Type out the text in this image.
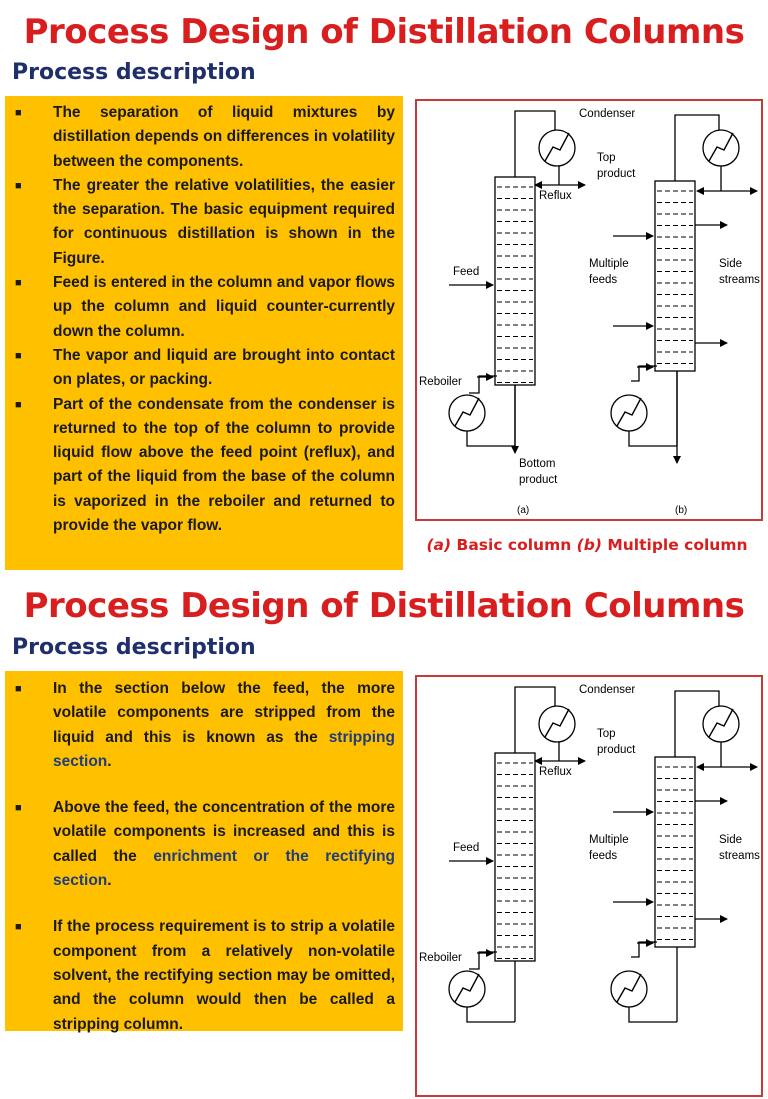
Process Design of Distillation Columns
Process description
■ The separation of liquid mixtures by distillation depends on differences in volatility between the components.
■ The greater the relative volatilities, the easier the separation. The basic equipment required for continuous distillation is shown in the Figure.
■ Feed is entered in the column and vapor flows up the column and liquid counter-currently down the column.
■ The vapor and liquid are brought into contact on plates, or packing.
■ Part of the condensate from the condenser is returned to the top of the column to provide liquid flow above the feed point (reflux), and part of the liquid from the base of the column is vaporized in the reboiler and returned to provide the vapor flow.
Condenser
Top
product
Reflux
Feed
Reboiler
Bottom
product
Multiple
feeds
Side
streams
(a)	(b)
(a) Basic column (b) Multiple column
Process Design of Distillation Columns
Process description
■ In the section below the feed, the more volatile components are stripped from the liquid and this is known as the stripping section.
■ Above the feed, the concentration of the more volatile components is increased and this is called the enrichment or the rectifying section.
■ If the process requirement is to strip a volatile component from a relatively non-volatile solvent, the rectifying section may be omitted, and the column would then be called a stripping column.
Condenser
Top
product
Reflux
Feed
Reboiler
Multiple
feeds
Side
streams
